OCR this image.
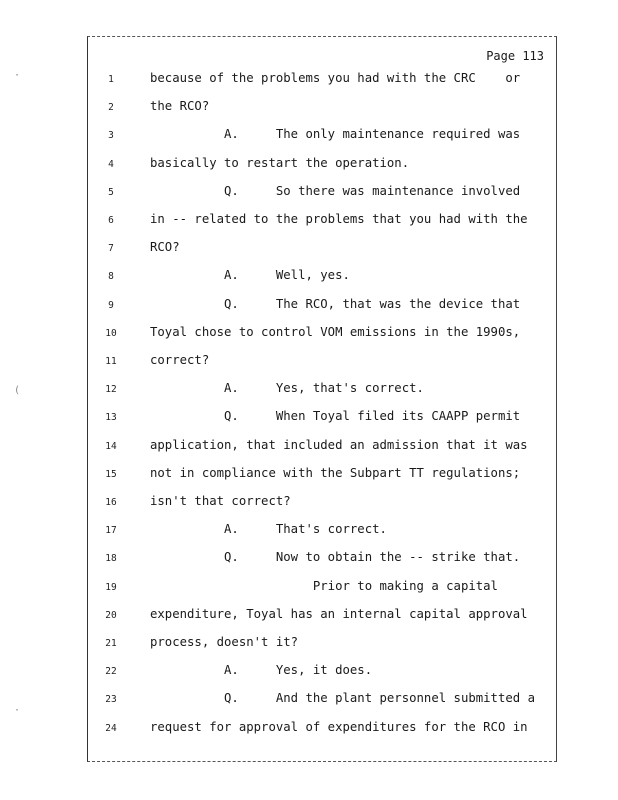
·
(
·
Page 113
1	because of the problems you had with the CRC    or
2	the RCO?
3	A.     The only maintenance required was
4	basically to restart the operation.
5	Q.     So there was maintenance involved
6	in -- related to the problems that you had with the
7	RCO?
8	A.     Well, yes.
9	Q.     The RCO, that was the device that
10	Toyal chose to control VOM emissions in the 1990s,
11	correct?
12	A.     Yes, that's correct.
13	Q.     When Toyal filed its CAAPP permit
14	application, that included an admission that it was
15	not in compliance with the Subpart TT regulations;
16	isn't that correct?
17	A.     That's correct.
18	Q.     Now to obtain the -- strike that.
19	Prior to making a capital
20	expenditure, Toyal has an internal capital approval
21	process, doesn't it?
22	A.     Yes, it does.
23	Q.     And the plant personnel submitted a
24	request for approval of expenditures for the RCO in
